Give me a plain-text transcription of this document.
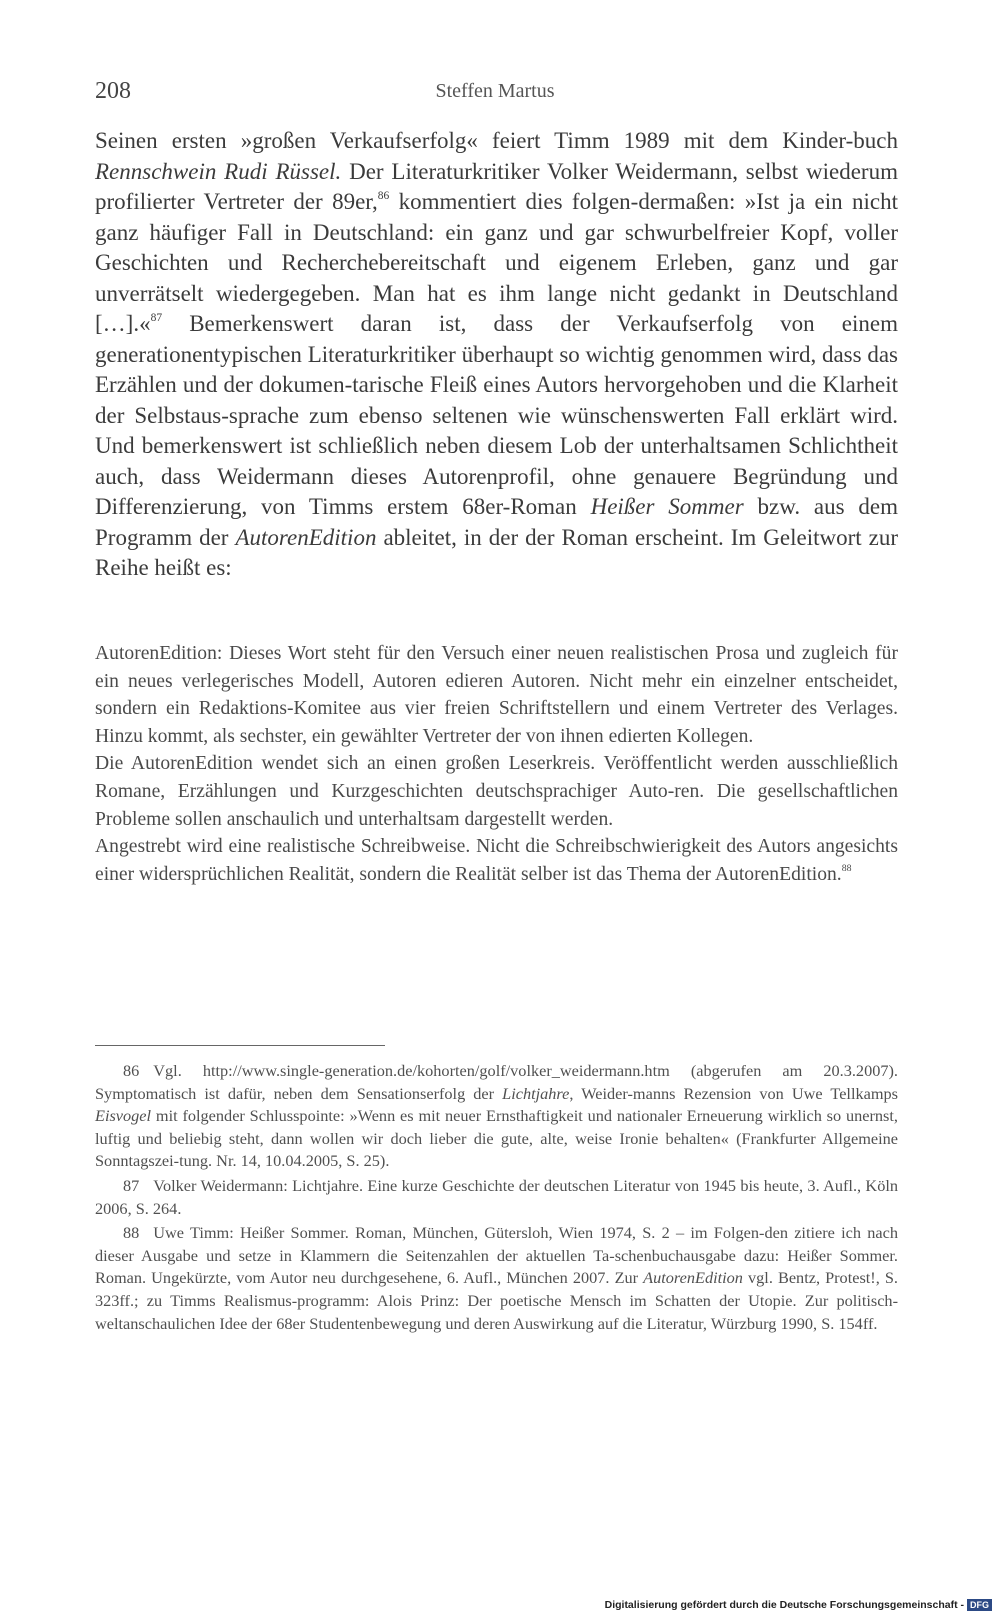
208	Steffen Martus

Seinen ersten »großen Verkaufserfolg« feiert Timm 1989 mit dem Kinder-buch Rennschwein Rudi Rüssel. Der Literaturkritiker Volker Weidermann, selbst wiederum profilierter Vertreter der 89er,$^{86}$ kommentiert dies folgen-dermaßen: »Ist ja ein nicht ganz häufiger Fall in Deutschland: ein ganz und gar schwurbelfreier Kopf, voller Geschichten und Recherchebereitschaft und eigenem Erleben, ganz und gar unverrätselt wiedergegeben. Man hat es ihm lange nicht gedankt in Deutschland […].«$^{87}$ Bemerkenswert daran ist, dass der Verkaufserfolg von einem generationentypischen Literaturkritiker überhaupt so wichtig genommen wird, dass das Erzählen und der dokumen-tarische Fleiß eines Autors hervorgehoben und die Klarheit der Selbstaus-sprache zum ebenso seltenen wie wünschenswerten Fall erklärt wird. Und bemerkenswert ist schließlich neben diesem Lob der unterhaltsamen Schlichtheit auch, dass Weidermann dieses Autorenprofil, ohne genauere Begründung und Differenzierung, von Timms erstem 68er-Roman Heißer Sommer bzw. aus dem Programm der AutorenEdition ableitet, in der der Roman erscheint. Im Geleitwort zur Reihe heißt es:

AutorenEdition: Dieses Wort steht für den Versuch einer neuen realistischen Prosa und zugleich für ein neues verlegerisches Modell, Autoren edieren Autoren. Nicht mehr ein einzelner entscheidet, sondern ein Redaktions-Komitee aus vier freien Schriftstellern und einem Vertreter des Verlages. Hinzu kommt, als sechster, ein gewählter Vertreter der von ihnen edierten Kollegen.

Die AutorenEdition wendet sich an einen großen Leserkreis. Veröffentlicht werden ausschließlich Romane, Erzählungen und Kurzgeschichten deutschsprachiger Auto-ren. Die gesellschaftlichen Probleme sollen anschaulich und unterhaltsam dargestellt werden.

Angestrebt wird eine realistische Schreibweise. Nicht die Schreibschwierigkeit des Autors angesichts einer widersprüchlichen Realität, sondern die Realität selber ist das Thema der AutorenEdition.$^{88}$

86 Vgl. http://www.single-generation.de/kohorten/golf/volker_weidermann.htm (abgerufen am 20.3.2007). Symptomatisch ist dafür, neben dem Sensationserfolg der Lichtjahre, Weider-manns Rezension von Uwe Tellkamps Eisvogel mit folgender Schlusspointe: »Wenn es mit neuer Ernsthaftigkeit und nationaler Erneuerung wirklich so unernst, luftig und beliebig steht, dann wollen wir doch lieber die gute, alte, weise Ironie behalten« (Frankfurter Allgemeine Sonntagszei-tung. Nr. 14, 10.04.2005, S. 25).

87 Volker Weidermann: Lichtjahre. Eine kurze Geschichte der deutschen Literatur von 1945 bis heute, 3. Aufl., Köln 2006, S. 264.

88 Uwe Timm: Heißer Sommer. Roman, München, Gütersloh, Wien 1974, S. 2 – im Folgen-den zitiere ich nach dieser Ausgabe und setze in Klammern die Seitenzahlen der aktuellen Ta-schenbuchausgabe dazu: Heißer Sommer. Roman. Ungekürzte, vom Autor neu durchgesehene, 6. Aufl., München 2007. Zur AutorenEdition vgl. Bentz, Protest!, S. 323ff.; zu Timms Realismus-programm: Alois Prinz: Der poetische Mensch im Schatten der Utopie. Zur politisch-weltanschaulichen Idee der 68er Studentenbewegung und deren Auswirkung auf die Literatur, Würzburg 1990, S. 154ff.

Digitalisierung gefördert durch die Deutsche Forschungsgemeinschaft - DFG
